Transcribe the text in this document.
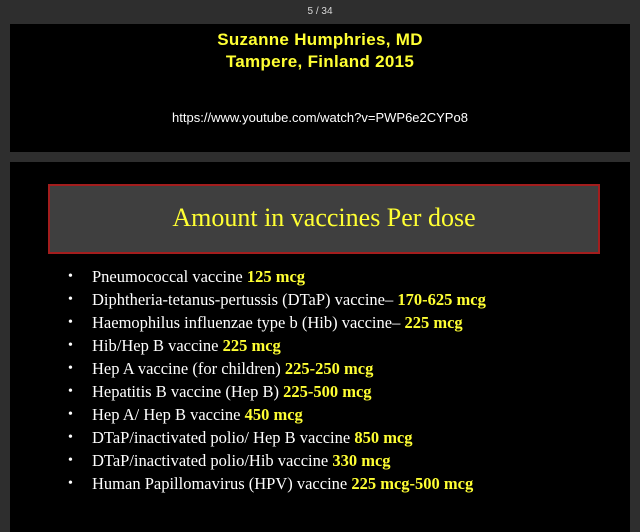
5 / 34
Suzanne Humphries, MD
Tampere, Finland 2015
https://www.youtube.com/watch?v=PWP6e2CYPo8
Amount in vaccines Per dose
• Pneumococcal vaccine 125 mcg
• Diphtheria-tetanus-pertussis (DTaP) vaccine– 170-625 mcg
• Haemophilus influenzae type b (Hib) vaccine– 225 mcg
• Hib/Hep B vaccine 225 mcg
• Hep A vaccine (for children) 225-250 mcg
• Hepatitis B vaccine (Hep B) 225-500 mcg
• Hep A/ Hep B vaccine 450 mcg
• DTaP/inactivated polio/ Hep B vaccine 850 mcg
• DTaP/inactivated polio/Hib vaccine 330 mcg
• Human Papillomavirus (HPV) vaccine 225 mcg-500 mcg
